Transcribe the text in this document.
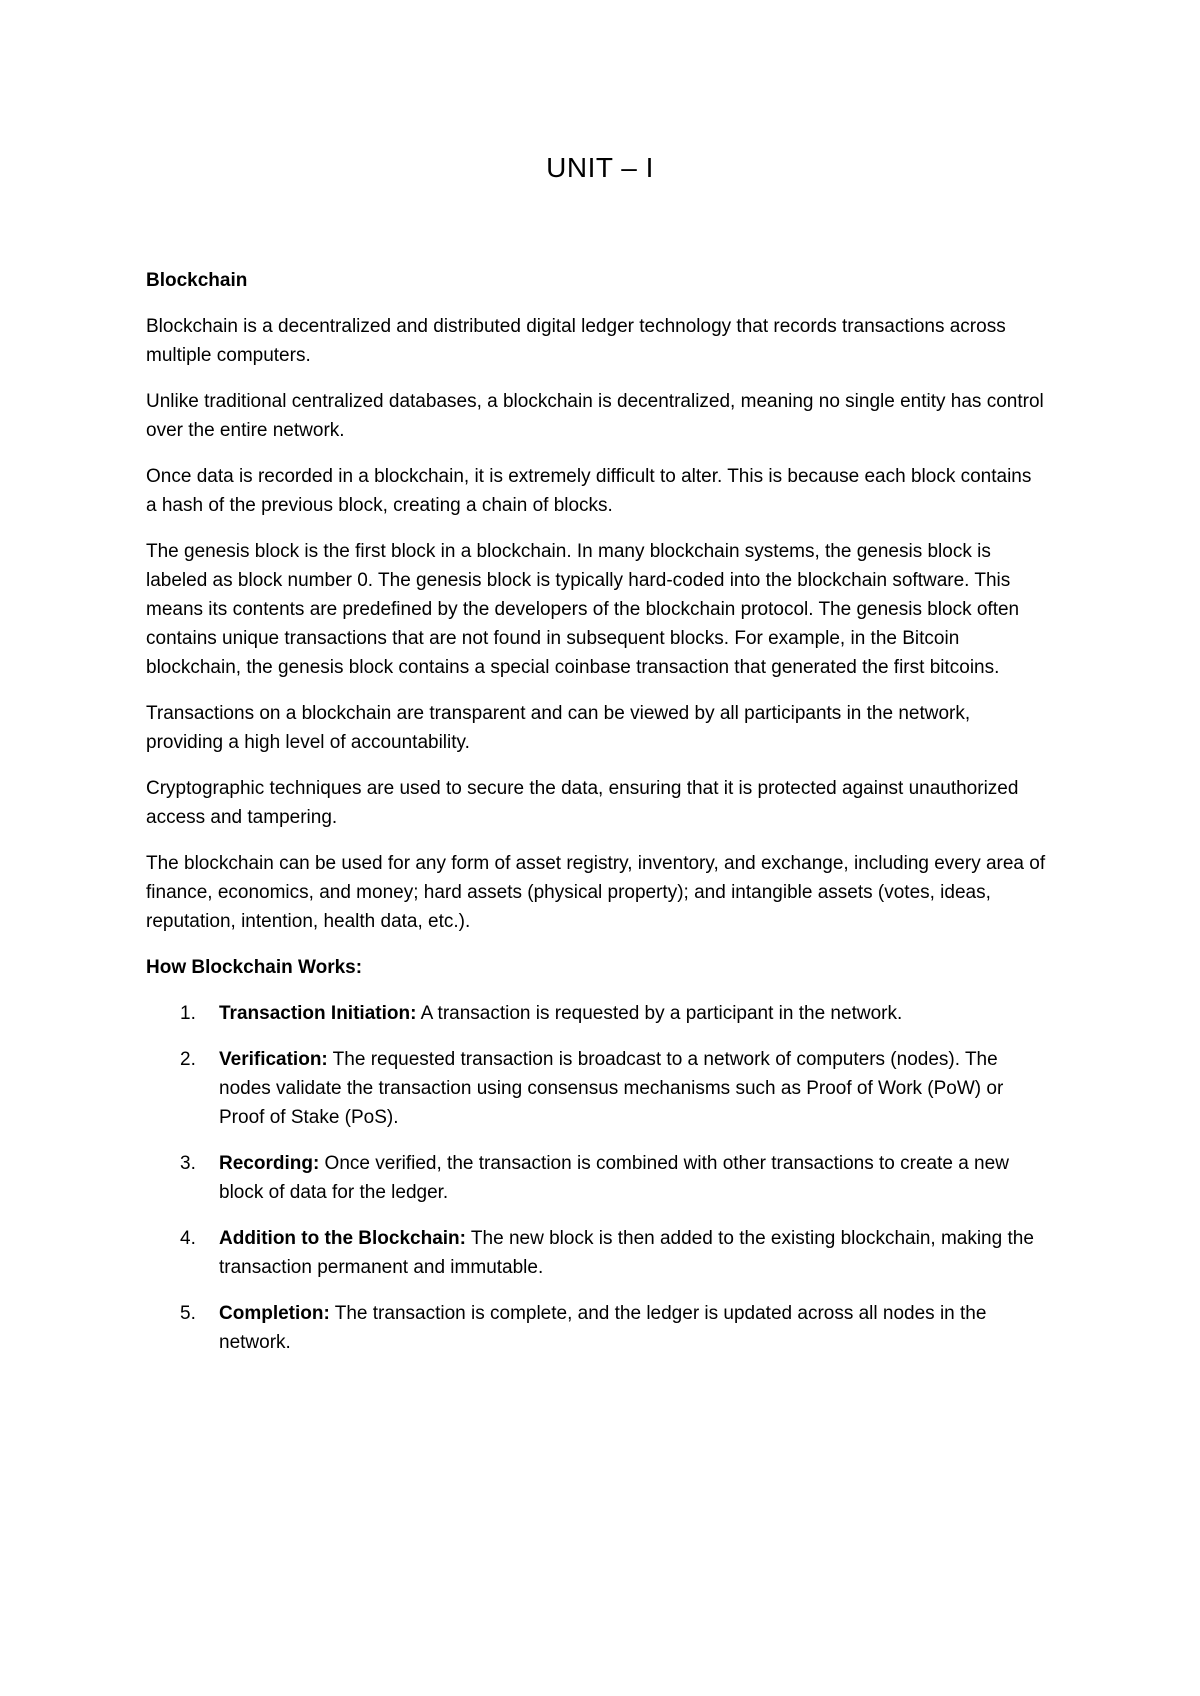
UNIT – I
Blockchain

Blockchain is a decentralized and distributed digital ledger technology that records transactions across multiple computers.

Unlike traditional centralized databases, a blockchain is decentralized, meaning no single entity has control over the entire network.

Once data is recorded in a blockchain, it is extremely difficult to alter. This is because each block contains a hash of the previous block, creating a chain of blocks.

The genesis block is the first block in a blockchain. In many blockchain systems, the genesis block is labeled as block number 0. The genesis block is typically hard-coded into the blockchain software. This means its contents are predefined by the developers of the blockchain protocol. The genesis block often contains unique transactions that are not found in subsequent blocks. For example, in the Bitcoin blockchain, the genesis block contains a special coinbase transaction that generated the first bitcoins.

Transactions on a blockchain are transparent and can be viewed by all participants in the network, providing a high level of accountability.

Cryptographic techniques are used to secure the data, ensuring that it is protected against unauthorized access and tampering.

The blockchain can be used for any form of asset registry, inventory, and exchange, including every area of finance, economics, and money; hard assets (physical property); and intangible assets (votes, ideas, reputation, intention, health data, etc.).

How Blockchain Works:
1. Transaction Initiation: A transaction is requested by a participant in the network.
2. Verification: The requested transaction is broadcast to a network of computers (nodes). The nodes validate the transaction using consensus mechanisms such as Proof of Work (PoW) or Proof of Stake (PoS).
3. Recording: Once verified, the transaction is combined with other transactions to create a new block of data for the ledger.
4. Addition to the Blockchain: The new block is then added to the existing blockchain, making the transaction permanent and immutable.
5. Completion: The transaction is complete, and the ledger is updated across all nodes in the network.
